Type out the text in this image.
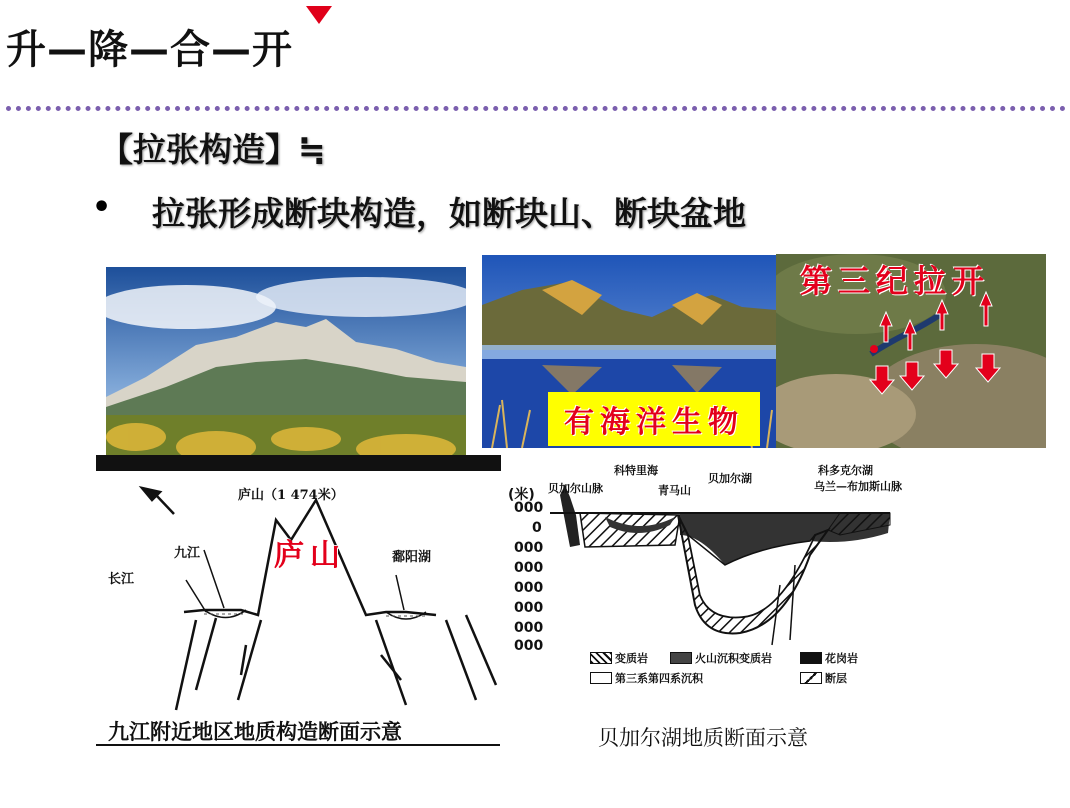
升—降—合—开
【拉张构造】≒
• 拉张形成断块构造，如断块山、断块盆地
有海洋生物
第三纪拉开
庐山（1 474米）
庐山
九江
长江
鄱阳湖
九江附近地区地质构造断面示意
(米)
000
0
000
000
000
000
000
000
贝加尔山脉
科特里海
青马山
贝加尔湖
科多克尔湖
乌兰—布加斯山脉
变质岩	火山沉积变质岩	花岗岩
第三系第四系沉积	断层
贝加尔湖地质断面示意
